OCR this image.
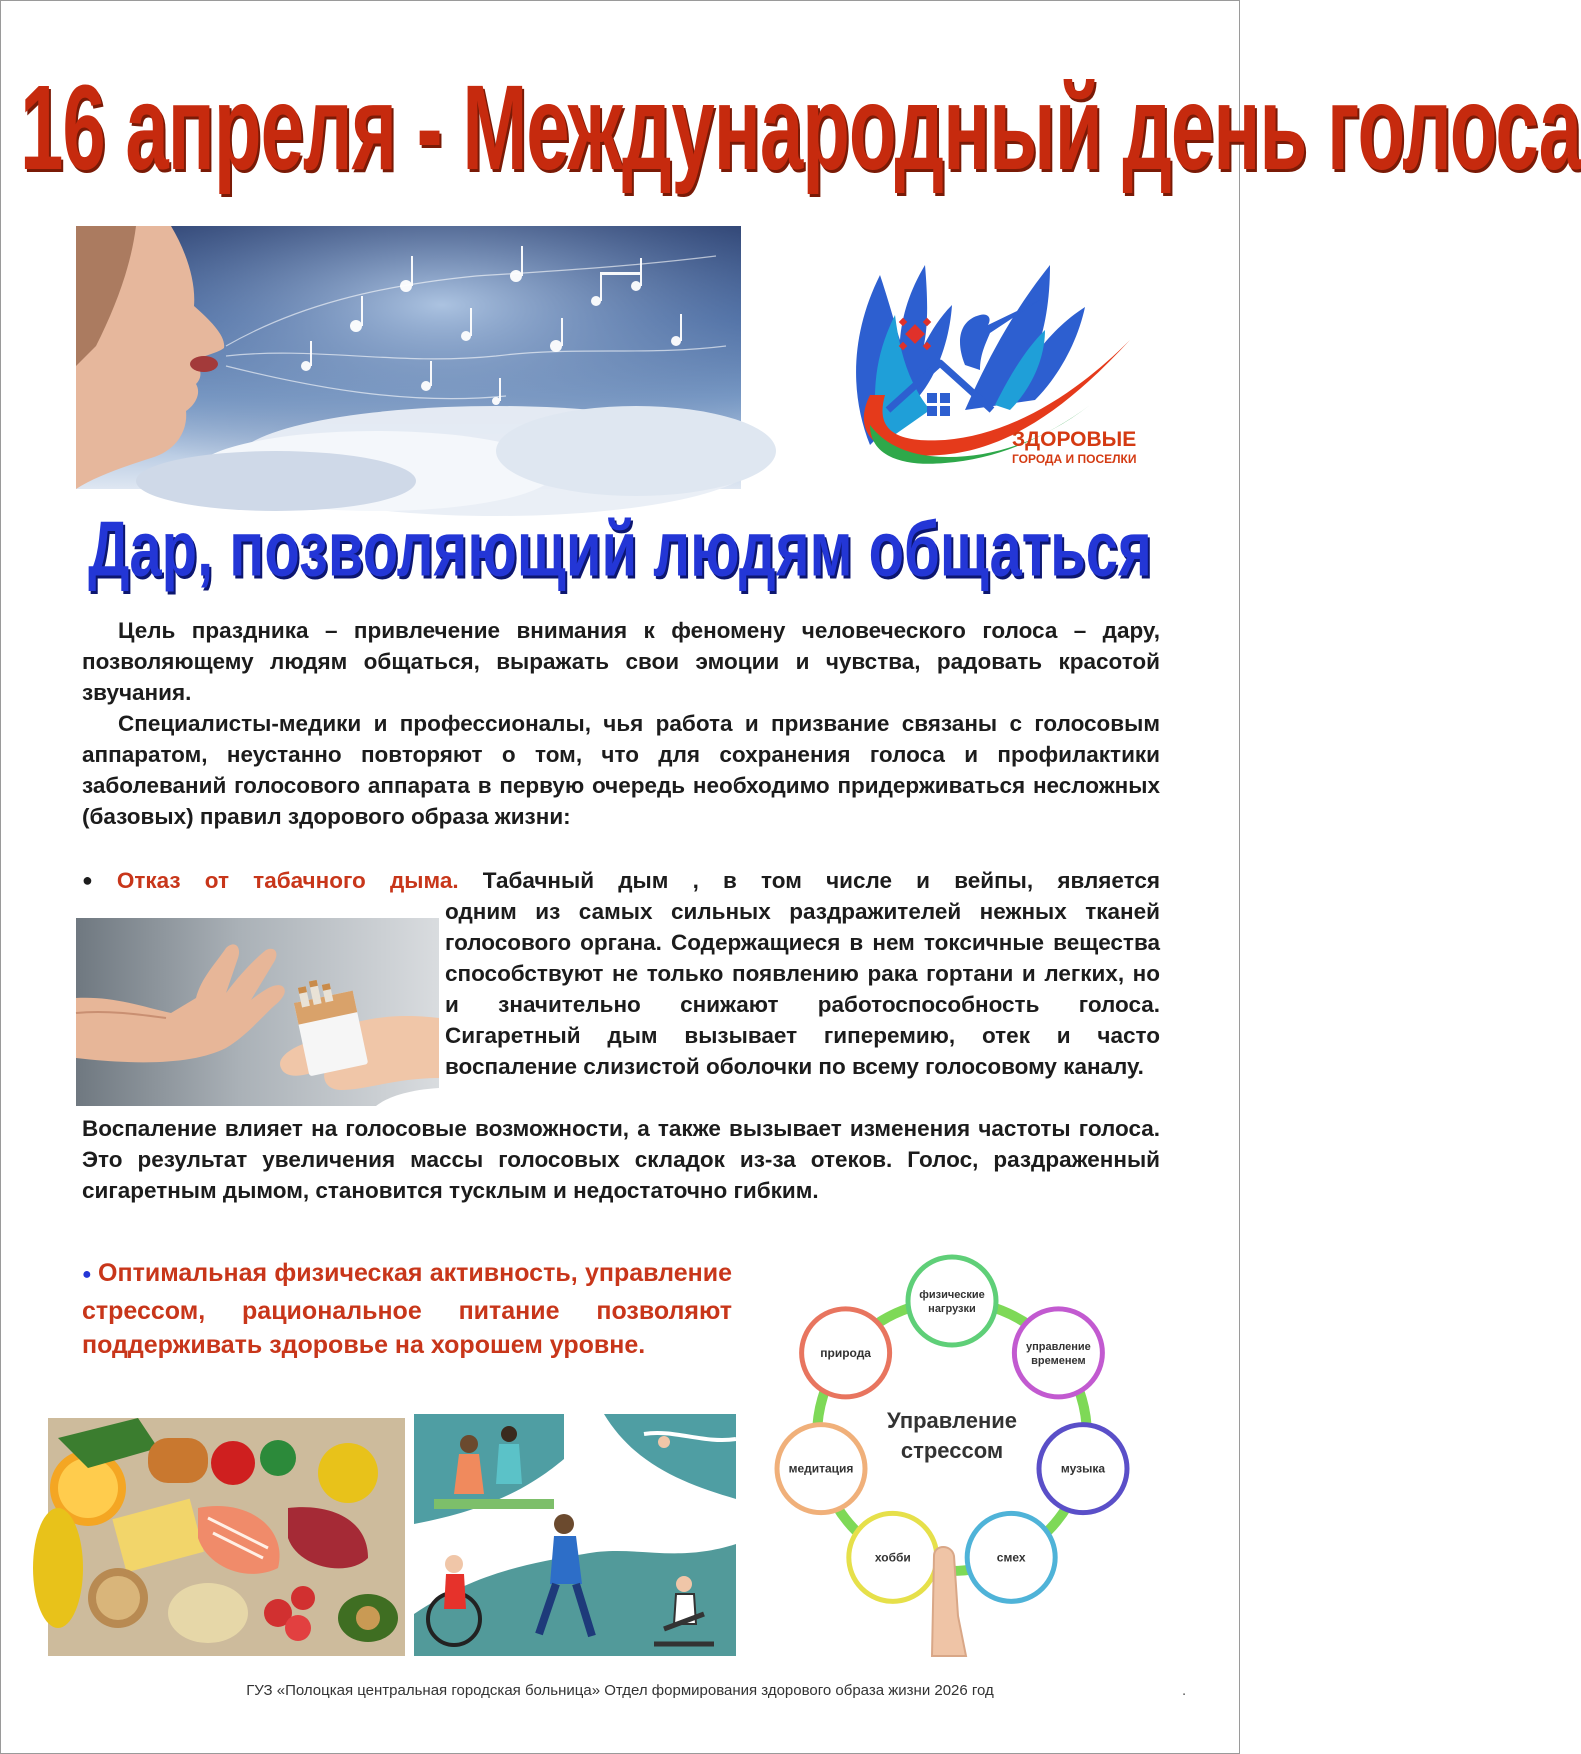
16 апреля - Международный день голоса
ЗДОРОВЫЕ
ГОРОДА И ПОСЕЛКИ
Дар, позволяющий людям общаться
Цель праздника – привлечение внимания к феномену человеческого голоса – дару, позволяющему людям общаться, выражать свои эмоции и чувства, радовать красотой звучания.
Специалисты-медики и профессионалы, чья работа и призвание связаны с голосовым аппаратом, неустанно повторяют о том, что для сохранения голоса и профилактики заболеваний голосового аппарата в первую очередь необходимо придерживаться несложных (базовых) правил здорового образа жизни:
● Отказ от табачного дыма. Табачный дым , в том числе и вейпы, является
одним из самых сильных раздражителей нежных тканей голосового органа. Содержащиеся в нем токсичные вещества способствуют не только появлению рака гортани и легких, но и значительно снижают работоспособность голоса. Сигаретный дым вызывает гиперемию, отек и часто воспаление слизистой оболочки по всему голосовому каналу.
Воспаление влияет на голосовые возможности, а также вызывает изменения частоты голоса. Это результат увеличения массы голосовых складок из-за отеков. Голос, раздраженный сигаретным дымом, становится тусклым и недостаточно гибким.
● Оптимальная физическая активность, управление стрессом, рациональное питание позволяют поддерживать здоровье на хорошем уровне.
Управление
стрессом
физические
нагрузки
управление
временем
музыка
смех
хобби
медитация
природа
ГУЗ «Полоцкая центральная городская больница» Отдел формирования здорового образа жизни 2026 год	.
